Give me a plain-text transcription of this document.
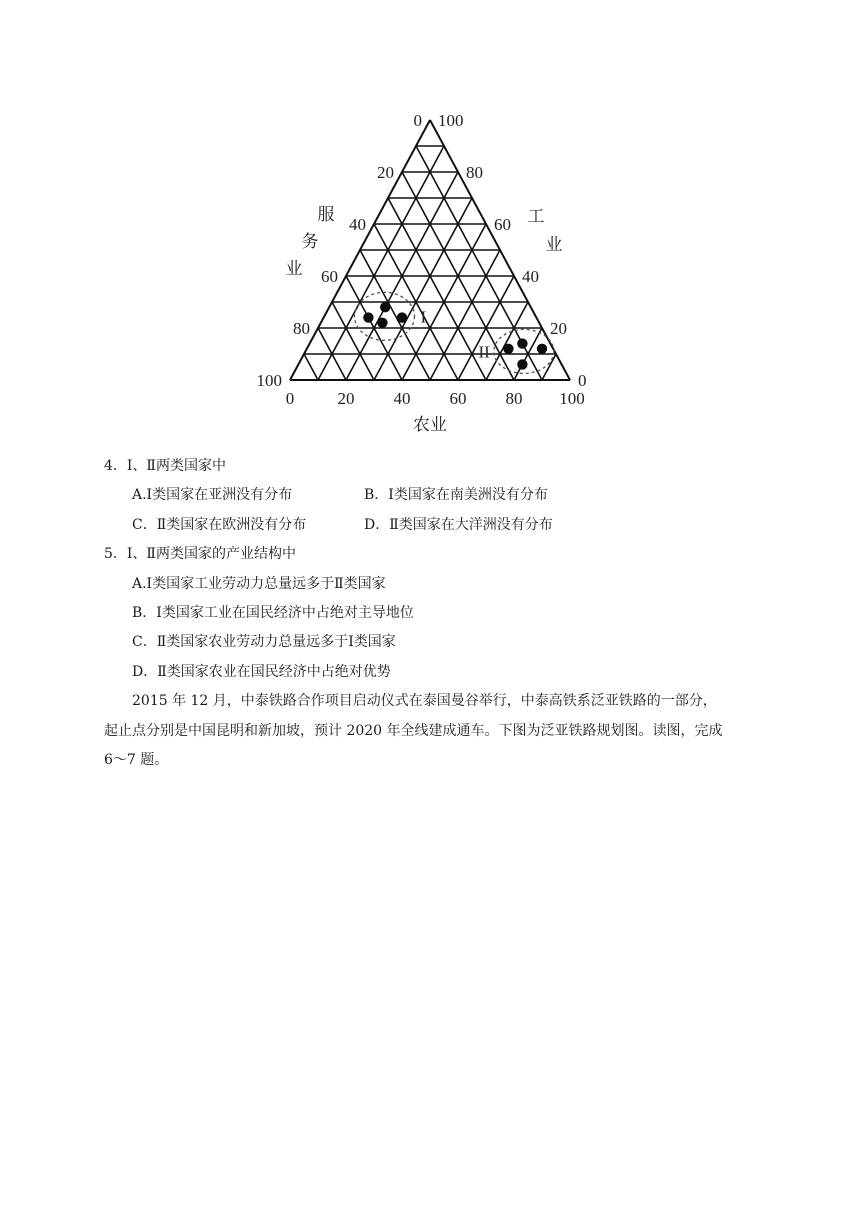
0
20
40
60
80
100
100
80
60
40
20
0
0	20 40 60 80 100
服
务
业
工
业
农业
I
II
4．Ⅰ、Ⅱ两类国家中
A.Ⅰ类国家在亚洲没有分布	B．Ⅰ类国家在南美洲没有分布
C．Ⅱ类国家在欧洲没有分布	D．Ⅱ类国家在大洋洲没有分布
5．Ⅰ、Ⅱ两类国家的产业结构中
A.Ⅰ类国家工业劳动力总量远多于Ⅱ类国家
B．Ⅰ类国家工业在国民经济中占绝对主导地位
C．Ⅱ类国家农业劳动力总量远多于Ⅰ类国家
D．Ⅱ类国家农业在国民经济中占绝对优势
2015 年 12 月，中泰铁路合作项目启动仪式在泰国曼谷举行，中泰高铁系泛亚铁路的一部分，
起止点分别是中国昆明和新加坡，预计 2020 年全线建成通车。下图为泛亚铁路规划图。读图，完成
6～7 题。
